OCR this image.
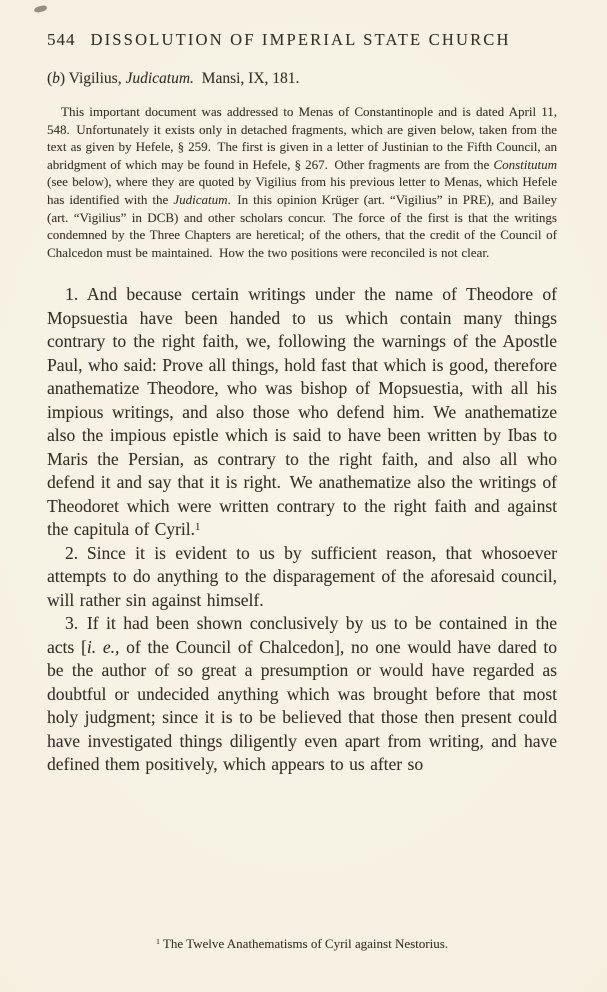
544 DISSOLUTION OF IMPERIAL STATE CHURCH
(b) Vigilius, Judicatum. Mansi, IX, 181.
This important document was addressed to Menas of Constantinople and is dated April 11, 548. Unfortunately it exists only in detached fragments, which are given below, taken from the text as given by Hefele, § 259. The first is given in a letter of Justinian to the Fifth Council, an abridgment of which may be found in Hefele, § 267. Other fragments are from the Constitutum (see below), where they are quoted by Vigilius from his previous letter to Menas, which Hefele has identified with the Judicatum. In this opinion Krüger (art. “Vigilius” in PRE), and Bailey (art. “Vigilius” in DCB) and other scholars concur. The force of the first is that the writings condemned by the Three Chapters are heretical; of the others, that the credit of the Council of Chalcedon must be maintained. How the two positions were reconciled is not clear.

1. And because certain writings under the name of Theodore of Mopsuestia have been handed to us which contain many things contrary to the right faith, we, following the warnings of the Apostle Paul, who said: Prove all things, hold fast that which is good, therefore anathematize Theodore, who was bishop of Mopsuestia, with all his impious writings, and also those who defend him. We anathematize also the impious epistle which is said to have been written by Ibas to Maris the Persian, as contrary to the right faith, and also all who defend it and say that it is right. We anathematize also the writings of Theodoret which were written contrary to the right faith and against the capitula of Cyril.$^1$

2. Since it is evident to us by sufficient reason, that whosoever attempts to do anything to the disparagement of the aforesaid council, will rather sin against himself.

3. If it had been shown conclusively by us to be contained in the acts [i. e., of the Council of Chalcedon], no one would have dared to be the author of so great a presumption or would have regarded as doubtful or undecided anything which was brought before that most holy judgment; since it is to be believed that those then present could have investigated things diligently even apart from writing, and have defined them positively, which appears to us after so

$^1$ The Twelve Anathematisms of Cyril against Nestorius.
